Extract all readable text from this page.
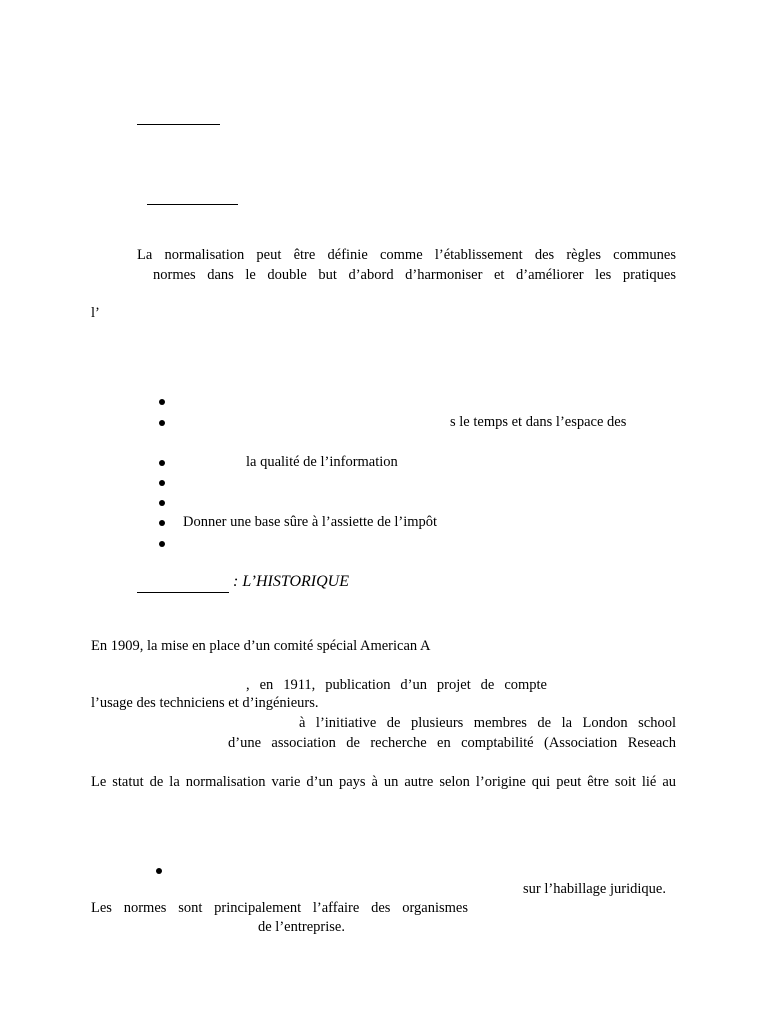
La normalisation peut être définie comme l’établissement des règles communes
normes dans le double but d’abord d’harmoniser et d’améliorer les pratiques
l’
s le temps et dans l’espace des
la qualité de l’information
Donner une base sûre à l’assiette de l’impôt
: L’HISTORIQUE
En 1909, la mise en place d’un comité spécial American A
, en 1911, publication d’un projet de compte
l’usage des techniciens et d’ingénieurs.
à l’initiative de plusieurs membres de la London school
d’une association de recherche en comptabilité (Association Reseach
Le statut de la normalisation varie d’un pays à un autre selon l’origine qui peut être soit lié au
sur l’habillage juridique.
Les normes sont principalement l’affaire des organismes
de l’entreprise.
